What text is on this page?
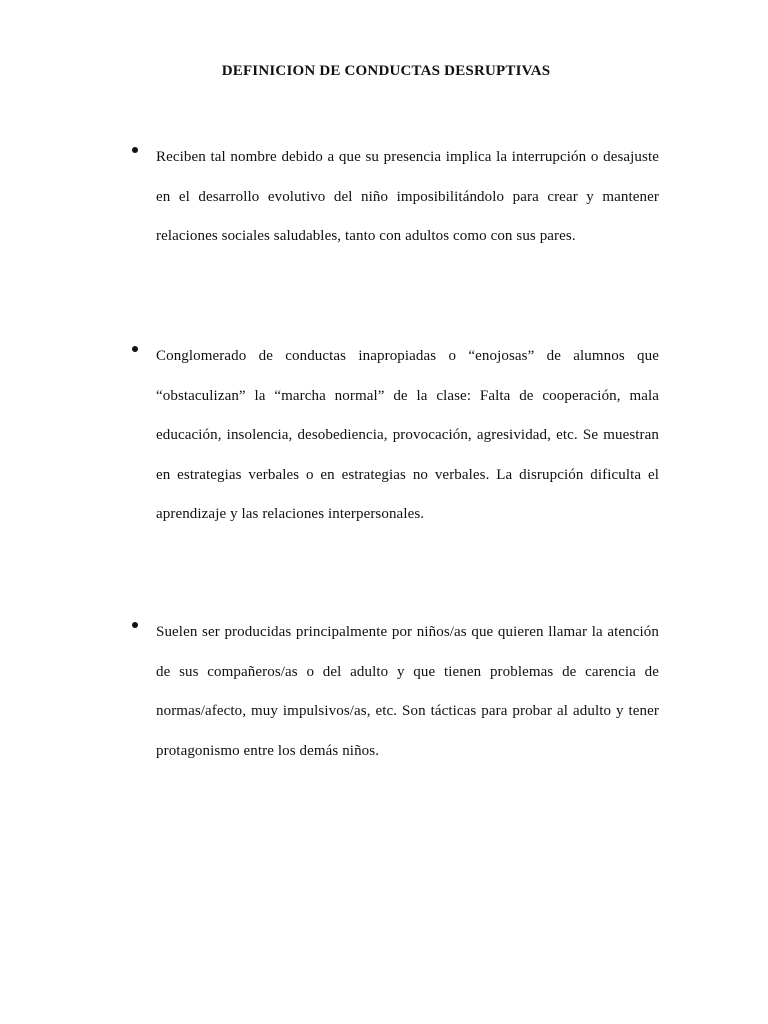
DEFINICION DE CONDUCTAS DESRUPTIVAS

Reciben tal nombre debido a que su presencia implica la interrupción o desajuste en el desarrollo evolutivo del niño imposibilitándolo para crear y mantener relaciones sociales saludables, tanto con adultos como con sus pares.

Conglomerado de conductas inapropiadas o “enojosas” de alumnos que “obstaculizan” la “marcha normal” de la clase: Falta de cooperación, mala educación, insolencia, desobediencia, provocación, agresividad, etc. Se muestran en estrategias verbales o en estrategias no verbales. La disrupción dificulta el aprendizaje y las relaciones interpersonales.

Suelen ser producidas principalmente por niños/as que quieren llamar la atención de sus compañeros/as o del adulto y que tienen problemas de carencia de normas/afecto, muy impulsivos/as, etc. Son tácticas para probar al adulto y tener protagonismo entre los demás niños.
